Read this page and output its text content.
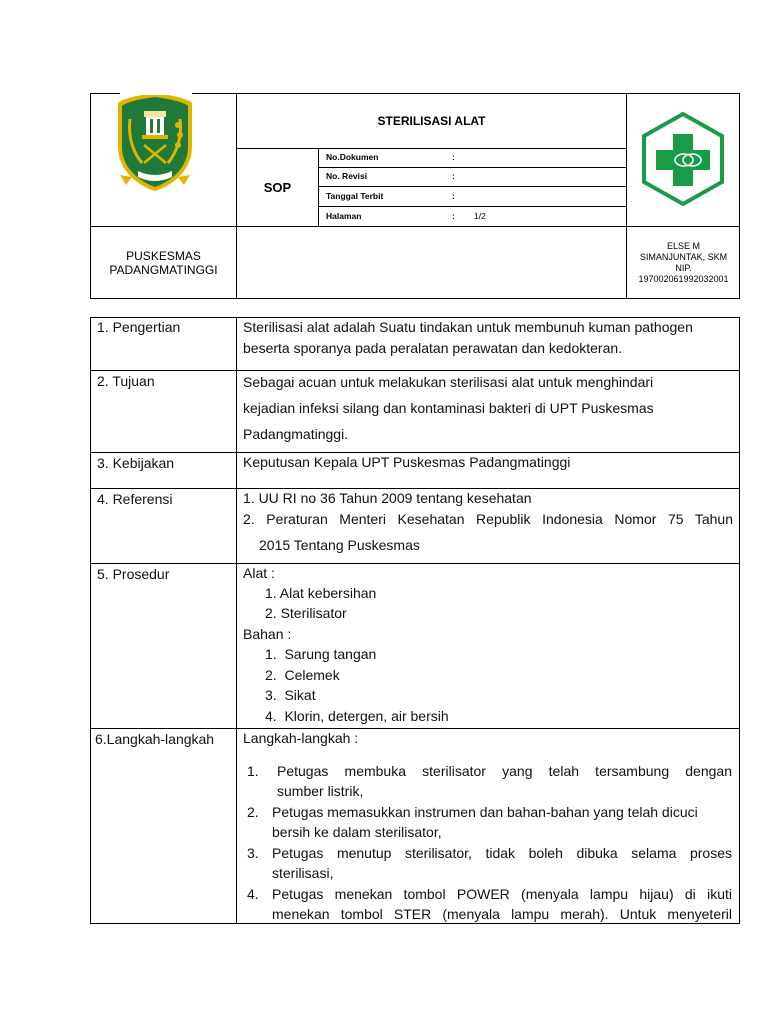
STERILISASI ALAT
SOP
No.Dokumen	:
No. Revisi	:
Tanggal Terbit	:
Halaman	: 1/2
PUSKESMAS
PADANGMATINGGI
ELSE M
SIMANJUNTAK, SKM
NIP.
197002061992032001
1. Pengertian	Sterilisasi alat adalah Suatu tindakan untuk membunuh kuman pathogen
beserta sporanya pada peralatan perawatan dan kedokteran.
2. Tujuan	Sebagai acuan untuk melakukan sterilisasi alat untuk menghindari
kejadian infeksi silang dan kontaminasi bakteri di UPT Puskesmas
Padangmatinggi.
3. Kebijakan	Keputusan Kepala UPT Puskesmas Padangmatinggi
4. Referensi	1. UU RI no 36 Tahun 2009 tentang kesehatan
2. Peraturan Menteri Kesehatan Republik Indonesia Nomor 75 Tahun
2015 Tentang Puskesmas
5. Prosedur	Alat :
1. Alat kebersihan
2. Sterilisator
Bahan :
1.  Sarung tangan
2.  Celemek
3.  Sikat
4.  Klorin, detergen, air bersih
6.Langkah-langkah Langkah-langkah :
1. Petugas membuka sterilisator yang telah tersambung dengan
sumber listrik,
2. Petugas memasukkan instrumen dan bahan-bahan yang telah dicuci
bersih ke dalam sterilisator,
3. Petugas menutup sterilisator, tidak boleh dibuka selama proses
sterilisasi,
4. Petugas menekan tombol POWER (menyala lampu hijau) di ikuti
menekan tombol STER (menyala lampu merah). Untuk menyeteril
